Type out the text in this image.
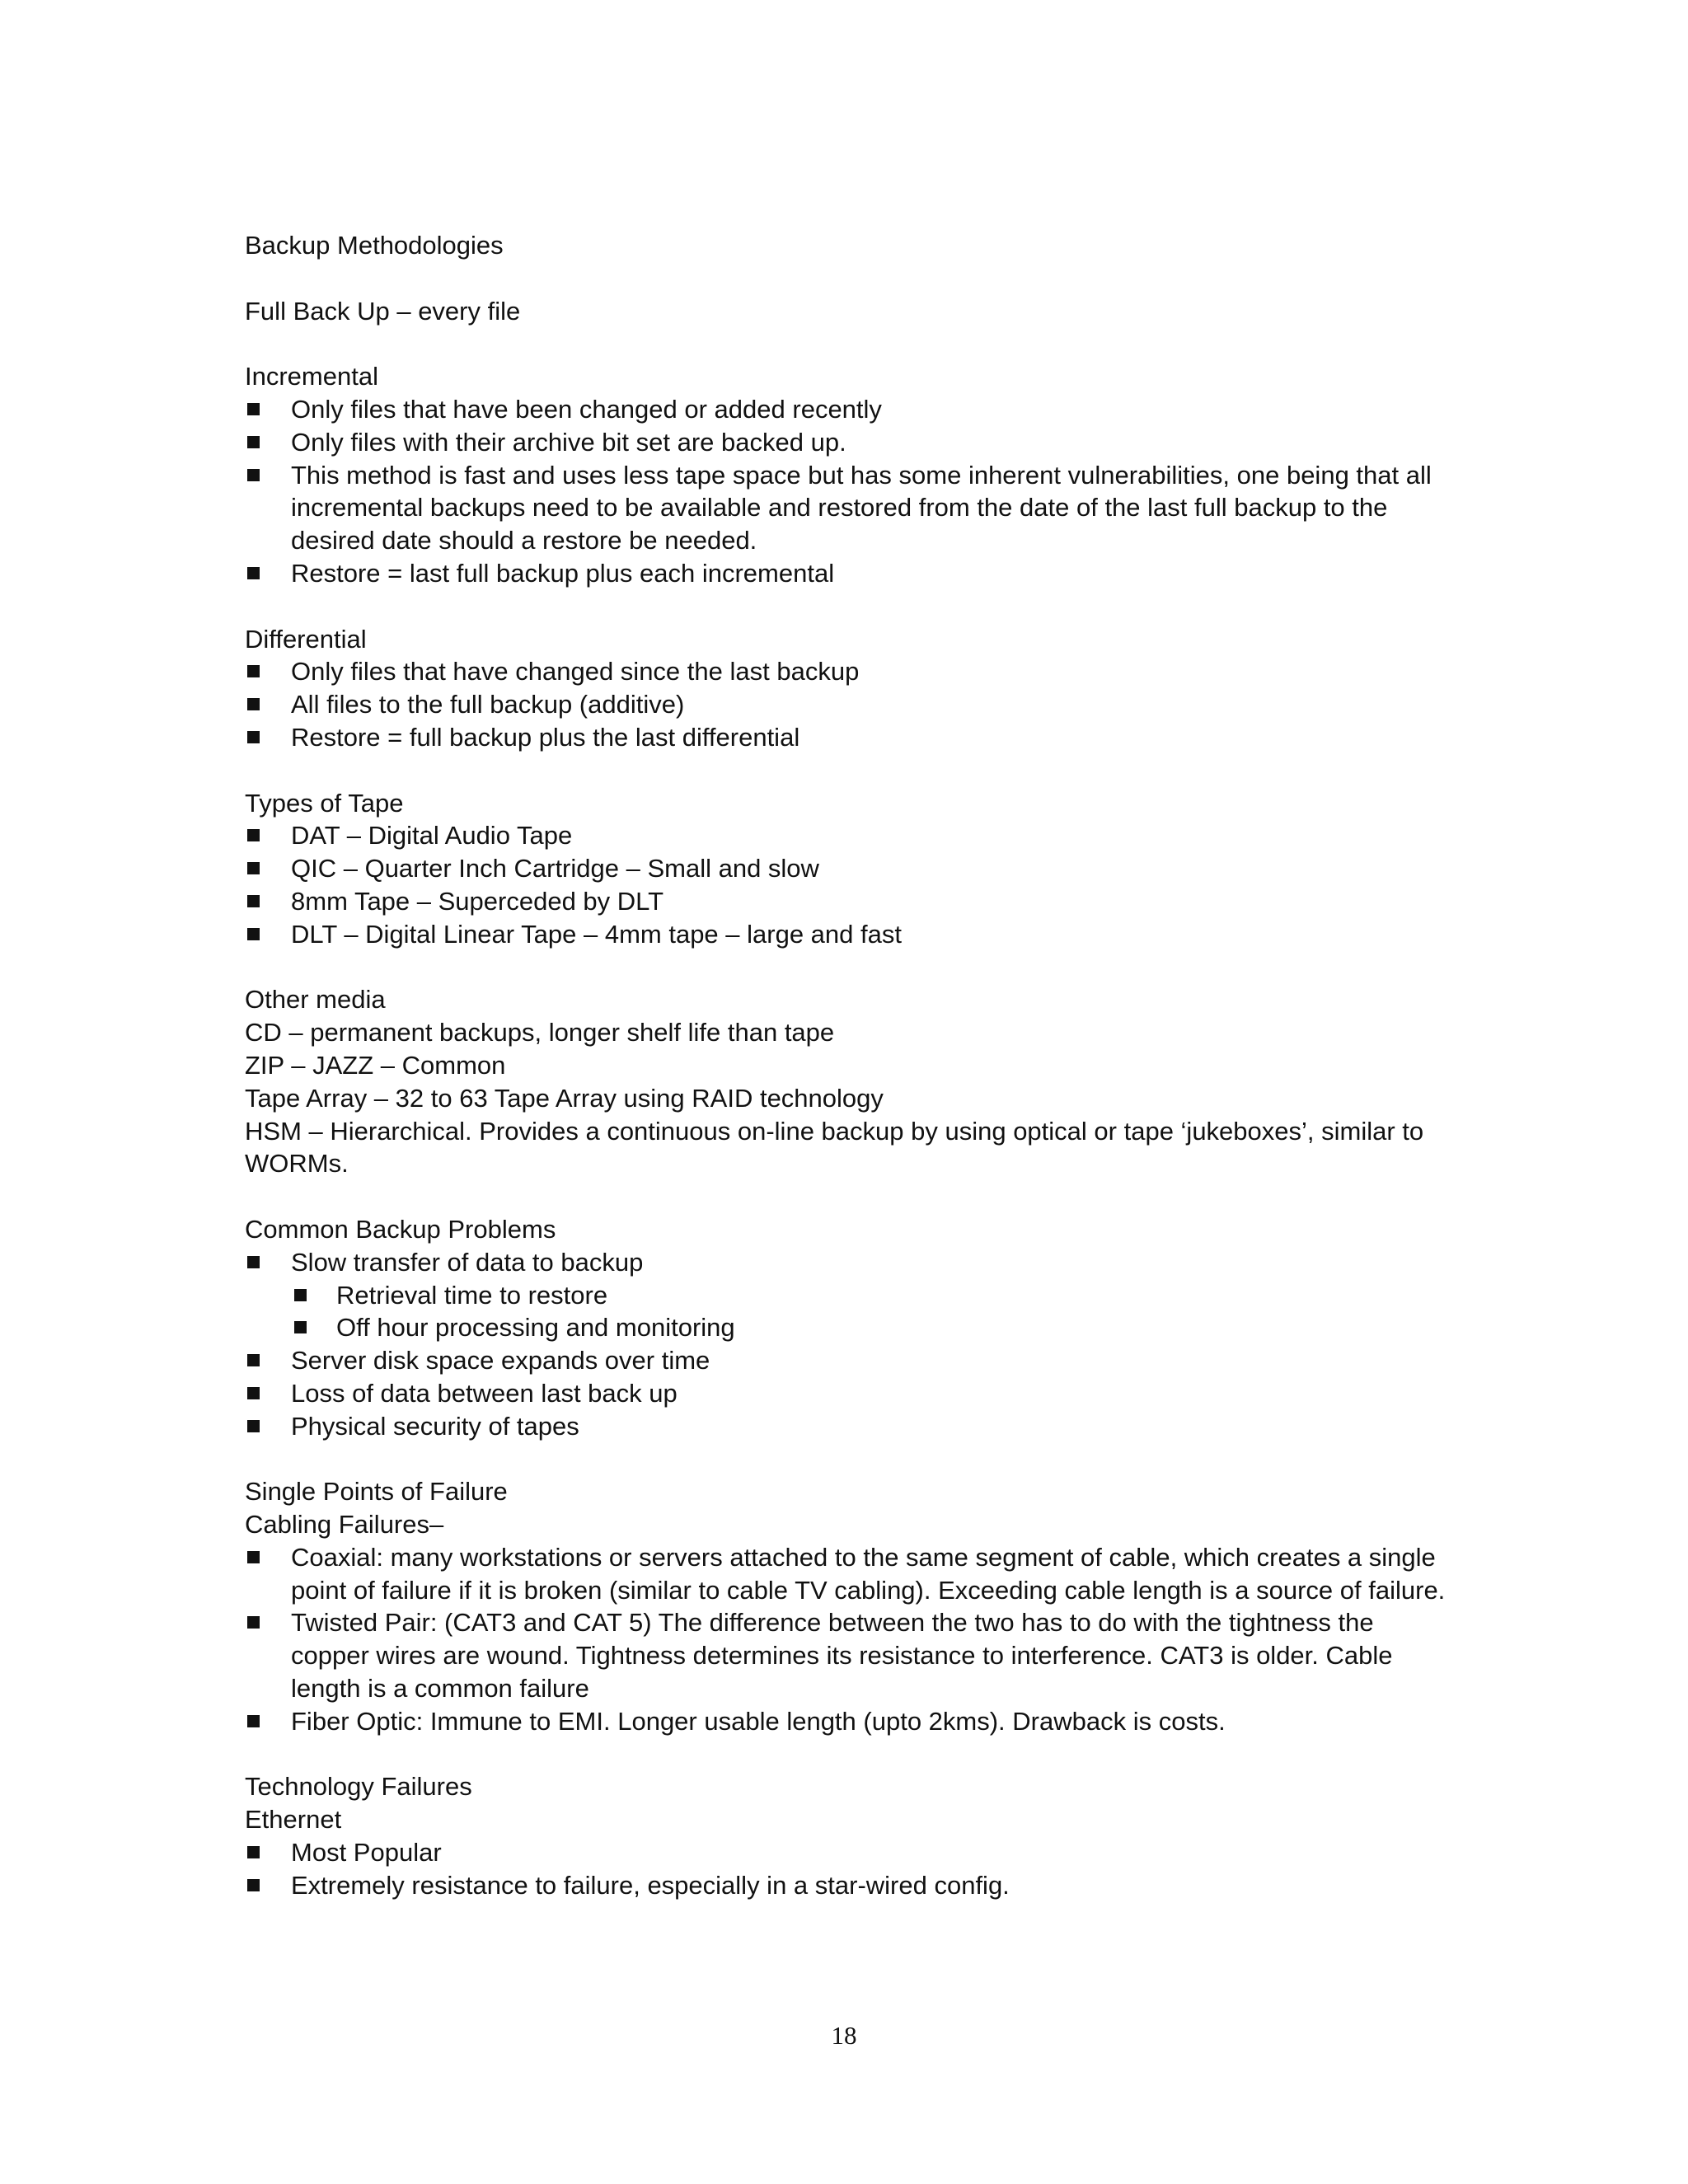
Backup Methodologies

Full Back Up – every file

Incremental

Only files that have been changed or added recently
Only files with their archive bit set are backed up.
This method is fast and uses less tape space but has some inherent vulnerabilities, one being that all incremental backups need to be available and restored from the date of the last full backup to the desired date should a restore be needed.
Restore = last full backup plus each incremental

Differential

Only files that have changed since the last backup
All files to the full backup (additive)
Restore = full backup plus the last differential

Types of Tape

DAT – Digital Audio Tape
QIC – Quarter Inch Cartridge – Small and slow
8mm Tape – Superceded by DLT
DLT – Digital Linear Tape – 4mm tape – large and fast

Other media

CD – permanent backups, longer shelf life than tape

ZIP – JAZZ – Common

Tape Array – 32 to 63 Tape Array using RAID technology

HSM – Hierarchical. Provides a continuous on-line backup by using optical or tape ‘jukeboxes’, similar to WORMs.

Common Backup Problems

Slow transfer of data to backup
Retrieval time to restore
Off hour processing and monitoring
Server disk space expands over time
Loss of data between last back up
Physical security of tapes

Single Points of Failure

Cabling Failures–

Coaxial: many workstations or servers attached to the same segment of cable, which creates a single point of failure if it is broken (similar to cable TV cabling). Exceeding cable length is a source of failure.
Twisted Pair: (CAT3 and CAT 5) The difference between the two has to do with the tightness the copper wires are wound. Tightness determines its resistance to interference. CAT3 is older. Cable length is a common failure
Fiber Optic: Immune to EMI. Longer usable length (upto 2kms). Drawback is costs.

Technology Failures

Ethernet

Most Popular
Extremely resistance to failure, especially in a star-wired config.
18
